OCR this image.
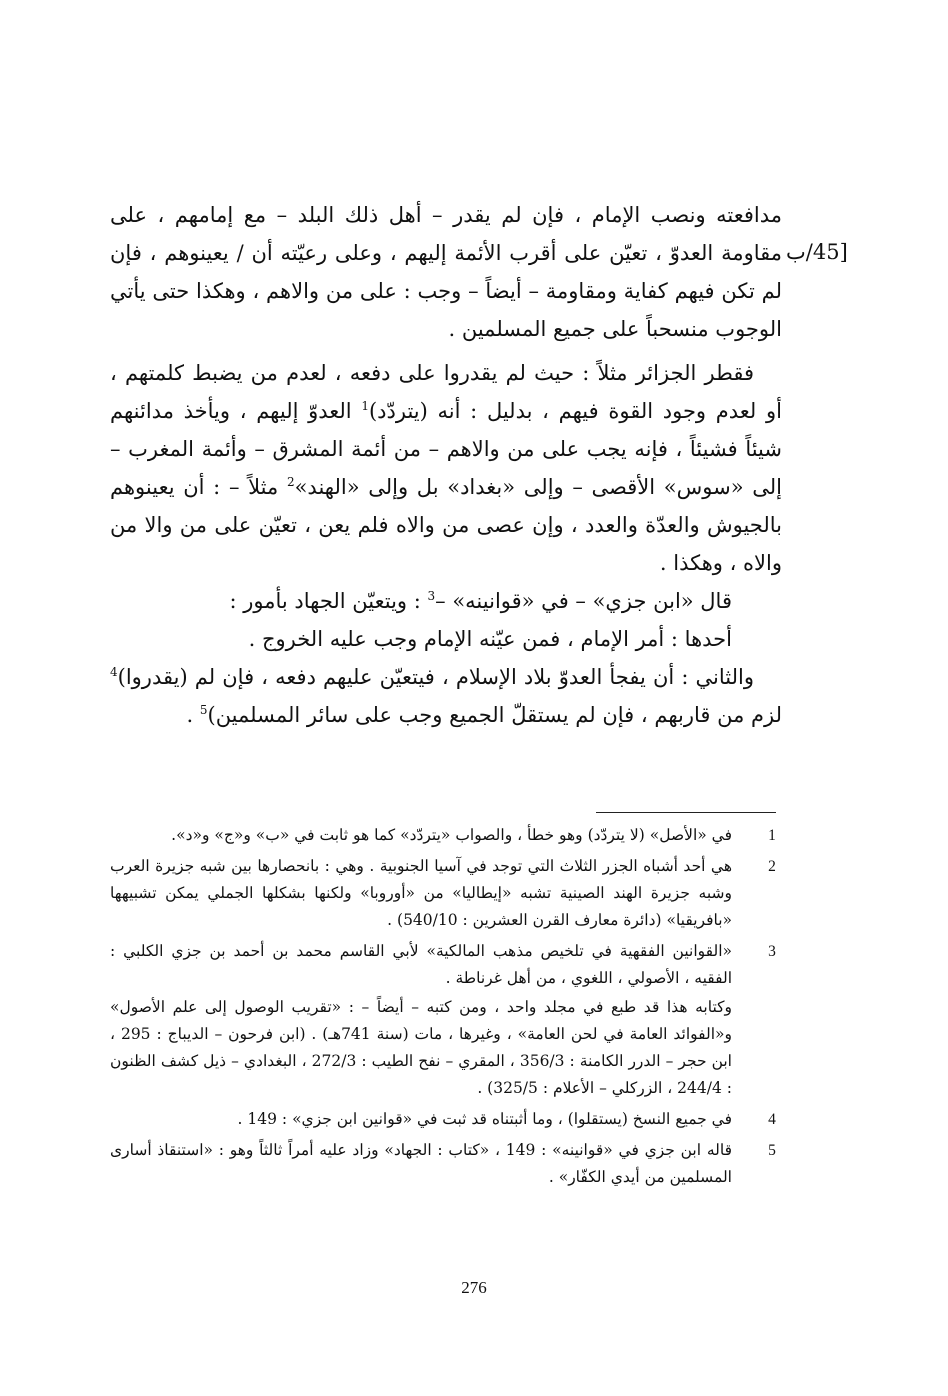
[45/ب

مدافعته ونصب الإمام ، فإن لم يقدر – أهل ذلك البلد – مع إمامهم ، على مقاومة العدوّ ، تعيّن على أقرب الأئمة إليهم ، وعلى رعيّته أن / يعينوهم ، فإن لم تكن فيهم كفاية ومقاومة – أيضاً – وجب : على من والاهم ، وهكذا حتى يأتي الوجوب منسحباً على جميع المسلمين .

فقطر الجزائر مثلاً : حيث لم يقدروا على دفعه ، لعدم من يضبط كلمتهم ، أو لعدم وجود القوة فيهم ، بدليل : أنه (يتردّد)$^1$ العدوّ إليهم ، ويأخذ مدائنهم شيئاً فشيئاً ، فإنه يجب على من والاهم – من أئمة المشرق – وأئمة المغرب – إلى «سوس» الأقصى – وإلى «بغداد» بل وإلى «الهند»$^2$ مثلاً – : أن يعينوهم بالجيوش والعدّة والعدد ، وإن عصى من والاه فلم يعن ، تعيّن على من والا من والاه ، وهكذا .

قال «ابن جزي» – في «قوانينه» –$^3$ : ويتعيّن الجهاد بأمور :

أحدها : أمر الإمام ، فمن عيّنه الإمام وجب عليه الخروج .

والثاني : أن يفجأ العدوّ بلاد الإسلام ، فيتعيّن عليهم دفعه ، فإن لم (يقدروا)$^4$ لزم من قاربهم ، فإن لم يستقلّ الجميع وجب على سائر المسلمين)$^5$ .

1
في «الأصل» (لا يتردّد) وهو خطأ ، والصواب «يتردّد» كما هو ثابت في «ب» و«ج» و«د».
2
هي أحد أشباه الجزر الثلاث التي توجد في آسيا الجنوبية . وهي : بانحصارها بين شبه جزيرة العرب وشبه جزيرة الهند الصينية تشبه «إيطاليا» من «أوروبا» ولكنها بشكلها الجملي يمكن تشبيهها «بافريقيا» (دائرة معارف القرن العشرين : 540/10) .
3
«القوانين الفقهية في تلخيص مذهب المالكية» لأبي القاسم محمد بن أحمد بن جزي الكلبي : الفقيه ، الأصولي ، اللغوي ، من أهل غرناطة .
وكتابه هذا قد طبع في مجلد واحد ، ومن كتبه – أيضاً – : «تقريب الوصول إلى علم الأصول» و«الفوائد العامة في لحن العامة» ، وغيرها ، مات (سنة 741هـ) . (ابن فرحون – الديباج : 295 ، ابن حجر – الدرر الكامنة : 356/3 ، المقري – نفح الطيب : 272/3 ، البغدادي – ذيل كشف الظنون : 244/4 ، الزركلي – الأعلام : 325/5) .
4
في جميع النسخ (يستقلوا) ، وما أثبتناه قد ثبت في «قوانين ابن جزي» : 149 .
5
قاله ابن جزي في «قوانينه» : 149 ، «كتاب : الجهاد» وزاد عليه أمراً ثالثاً وهو : «استنقاذ أسارى المسلمين من أيدي الكفّار» .
276
